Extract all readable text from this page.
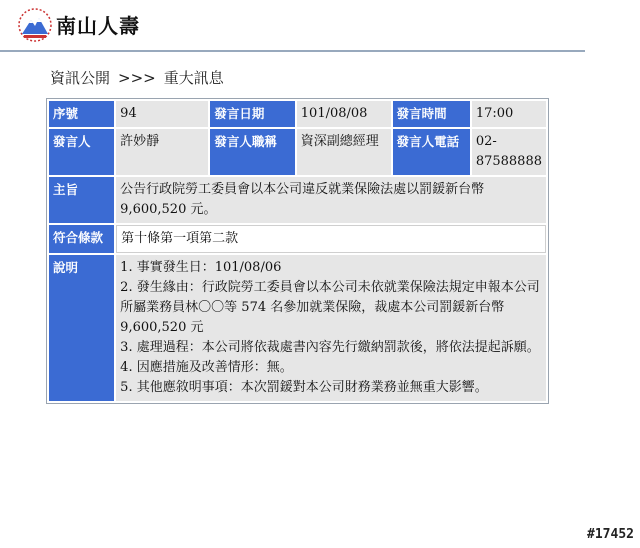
南山人壽
資訊公開 >>> 重大訊息
序號	94	發言日期	101/08/08	發言時間	17:00
發言人	許妙靜	發言人職稱	資深副總經理	發言人電話	02-87588888
主旨	公告行政院勞工委員會以本公司違反就業保險法處以罰鍰新台幣 9,600,520 元。				
符合條款	第十條第一項第二款				
說明	1. 事實發生日：101/08/06
2. 發生緣由：行政院勞工委員會以本公司未依就業保險法規定申報本公司所屬業務員林〇〇等 574 名參加就業保險，裁處本公司罰鍰新台幣 9,600,520 元
3. 處理過程：本公司將依裁處書內容先行繳納罰款後，將依法提起訴願。
4. 因應措施及改善情形：無。
5. 其他應敘明事項：本次罰鍰對本公司財務業務並無重大影響。				
#17452
